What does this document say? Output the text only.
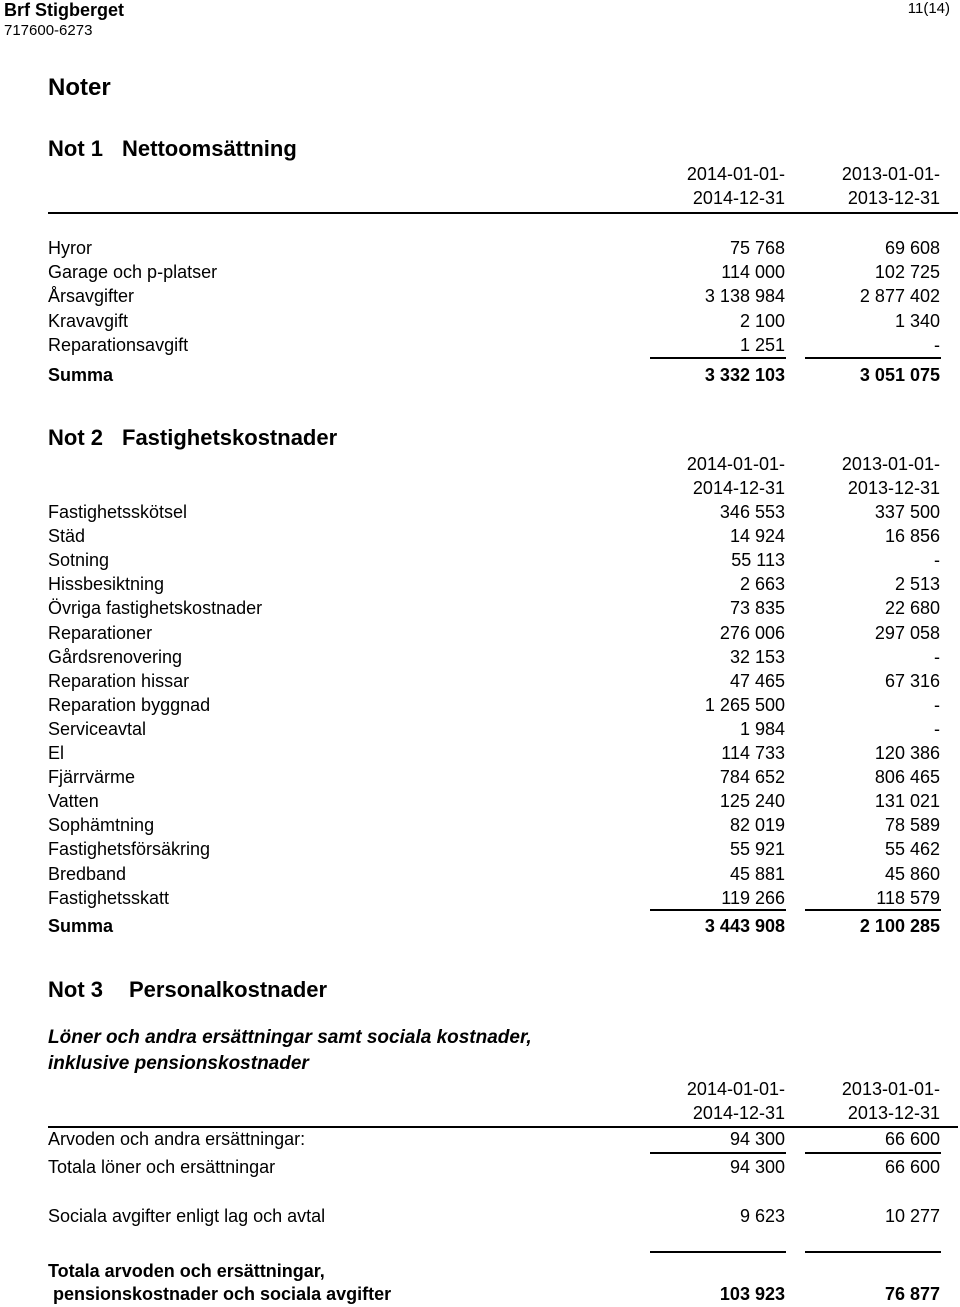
Brf Stigberget
717600-6273
11(14)
Noter
Not 1 Nettoomsättning
2014-01-01-
2014-12-31
2013-01-01-
2013-12-31
Hyror	75 768	69 608
Garage och p-platser	114 000	102 725
Årsavgifter	3 138 984	2 877 402
Kravavgift	2 100	1 340
Reparationsavgift	1 251	-
Summa	3 332 103	3 051 075
Not 2 Fastighetskostnader
2014-01-01-
2014-12-31
2013-01-01-
2013-12-31
Fastighetsskötsel	346 553	337 500
Städ	14 924	16 856
Sotning	55 113	-
Hissbesiktning	2 663	2 513
Övriga fastighetskostnader	73 835	22 680
Reparationer	276 006	297 058
Gårdsrenovering	32 153	-
Reparation hissar	47 465	67 316
Reparation byggnad	1 265 500	-
Serviceavtal	1 984	-
El	114 733	120 386
Fjärrvärme	784 652	806 465
Vatten	125 240	131 021
Sophämtning	82 019	78 589
Fastighetsförsäkring	55 921	55 462
Bredband	45 881	45 860
Fastighetsskatt	119 266	118 579
Summa	3 443 908	2 100 285
Not 3 Personalkostnader
Löner och andra ersättningar samt sociala kostnader,
inklusive pensionskostnader
2014-01-01-
2014-12-31
2013-01-01-
2013-12-31
Arvoden och andra ersättningar:	94 300	66 600
Totala löner och ersättningar	94 300	66 600
Sociala avgifter enligt lag och avtal	9 623	10 277
Totala arvoden och ersättningar,
pensionskostnader och sociala avgifter	103 923	76 877
